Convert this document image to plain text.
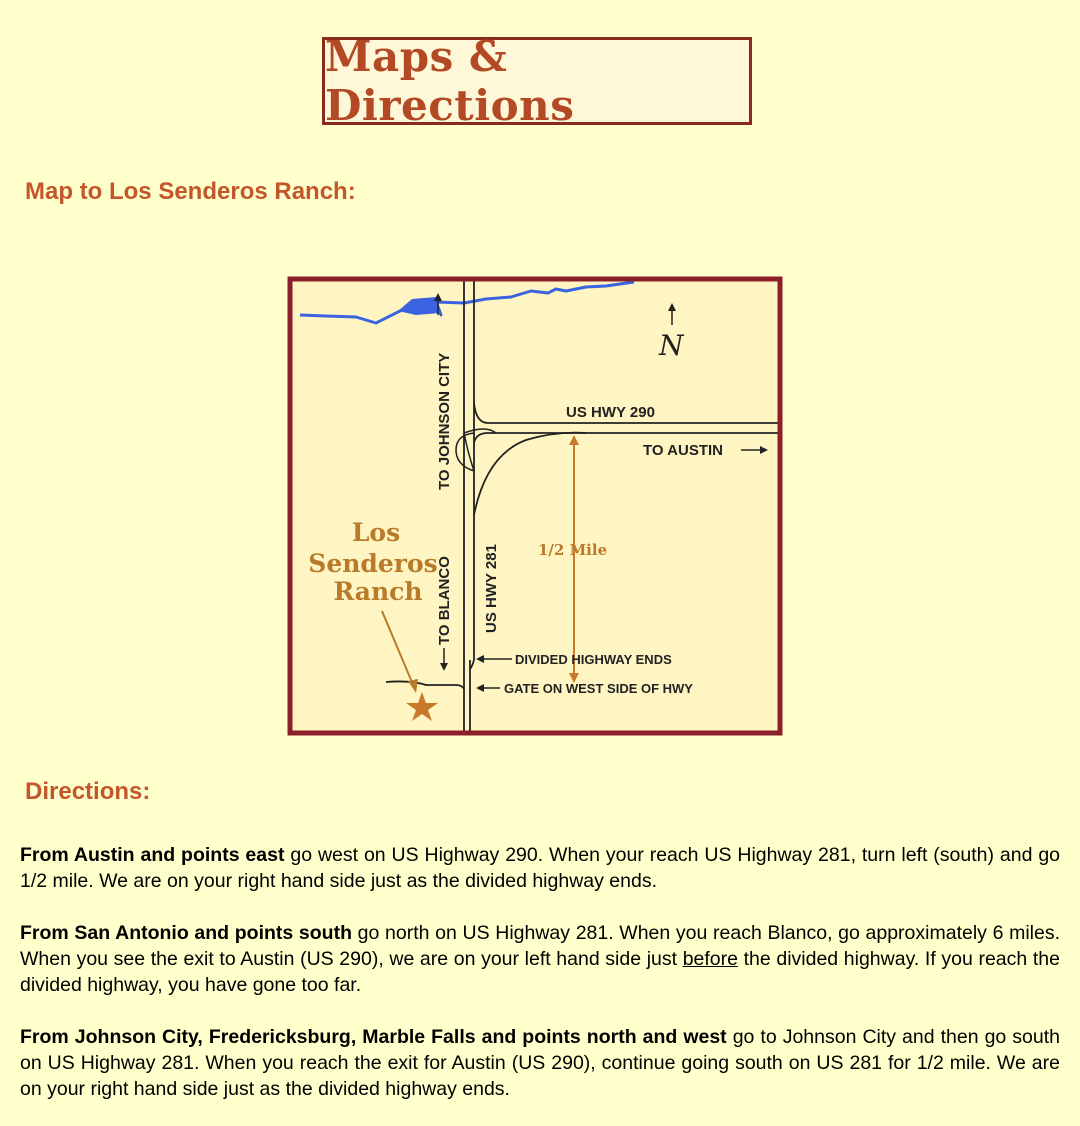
Maps & Directions
Map to Los Senderos Ranch:
N
US HWY 290
TO AUSTIN
TO JOHNSON CITY
TO BLANCO US HWY 281	1/2 Mile
DIVIDED HIGHWAY ENDS
GATE ON WEST SIDE OF HWY
Los
Senderos
Ranch
Directions:

From Austin and points east go west on US Highway 290. When your reach US Highway 281, turn left (south) and go 1/2 mile. We are on your right hand side just as the divided highway ends.

From San Antonio and points south go north on US Highway 281. When you reach Blanco, go approximately 6 miles. When you see the exit to Austin (US 290), we are on your left hand side just before the divided highway. If you reach the divided highway, you have gone too far.

From Johnson City, Fredericksburg, Marble Falls and points north and west go to Johnson City and then go south on US Highway 281. When you reach the exit for Austin (US 290), continue going south on US 281 for 1/2 mile. We are on your right hand side just as the divided highway ends.
